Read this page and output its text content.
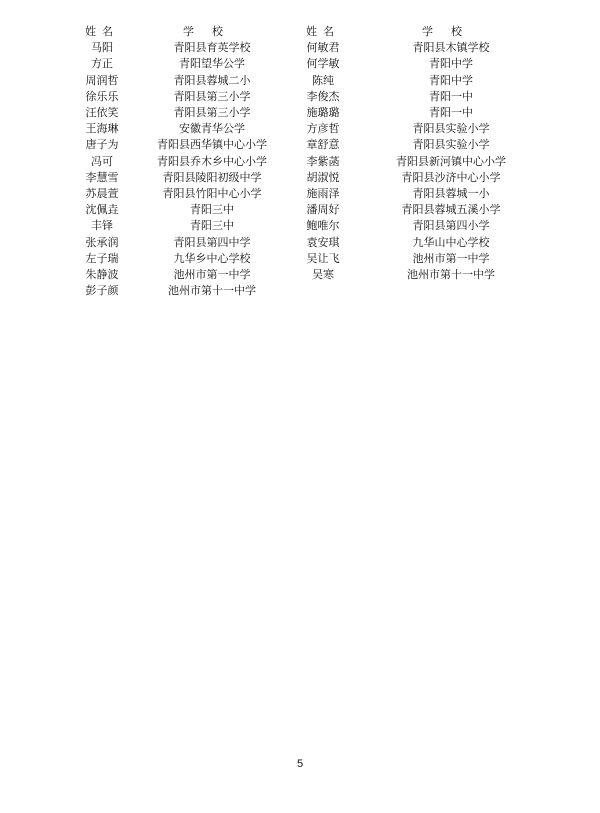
姓名	学校	姓名	学校
马阳	青阳县育英学校	何敏君	青阳县木镇学校
方正	青阳望华公学	何学敏	青阳中学
周润哲	青阳县蓉城二小	陈纯	青阳中学
徐乐乐	青阳县第三小学	李俊杰	青阳一中
汪依笑	青阳县第三小学	施璐璐	青阳一中
王海琳	安徽青华公学	方彦哲	青阳县实验小学
唐子为	青阳县西华镇中心小学	章舒意	青阳县实验小学
冯可	青阳县乔木乡中心小学	李紫菡	青阳县新河镇中心小学
李慧雪	青阳县陵阳初级中学	胡淑悦	青阳县沙济中心小学
苏晨萱	青阳县竹阳中心小学	施雨泽	青阳县蓉城一小
沈佩垚	青阳三中	潘周好	青阳县蓉城五溪小学
丰铎	青阳三中	鲍唯尔	青阳县第四小学
张承润	青阳县第四中学	袁安琪	九华山中心学校
左子瑞	九华乡中心学校	吴让飞	池州市第一中学
朱静波	池州市第一中学	吴寒	池州市第十一中学
彭子颜	池州市第十一中学
5
